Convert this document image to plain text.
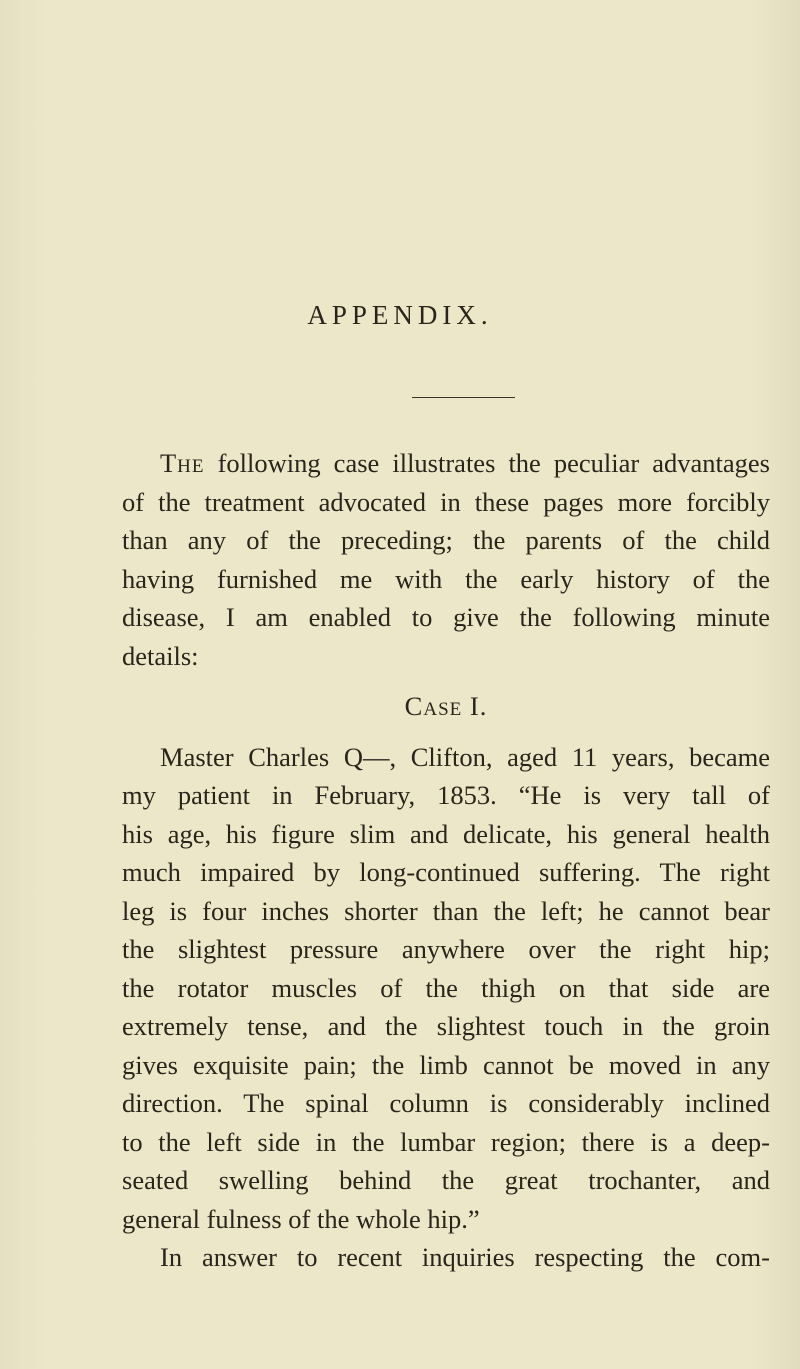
APPENDIX.

The following case illustrates the peculiar advantages

of the treatment advocated in these pages more forcibly
than any of the preceding; the parents of the child
having furnished me with the early history of the
disease, I am enabled to give the following minute
details:

Case I.

Master Charles Q—, Clifton, aged 11 years, became
my patient in February, 1853. “He is very tall of
his age, his figure slim and delicate, his general health
much impaired by long-continued suffering. The right
leg is four inches shorter than the left; he cannot bear
the slightest pressure anywhere over the right hip;
the rotator muscles of the thigh on that side are
extremely tense, and the slightest touch in the groin
gives exquisite pain; the limb cannot be moved in any
direction. The spinal column is considerably inclined
to the left side in the lumbar region; there is a deep-
seated swelling behind the great trochanter, and
general fulness of the whole hip.”

In answer to recent inquiries respecting the com-
